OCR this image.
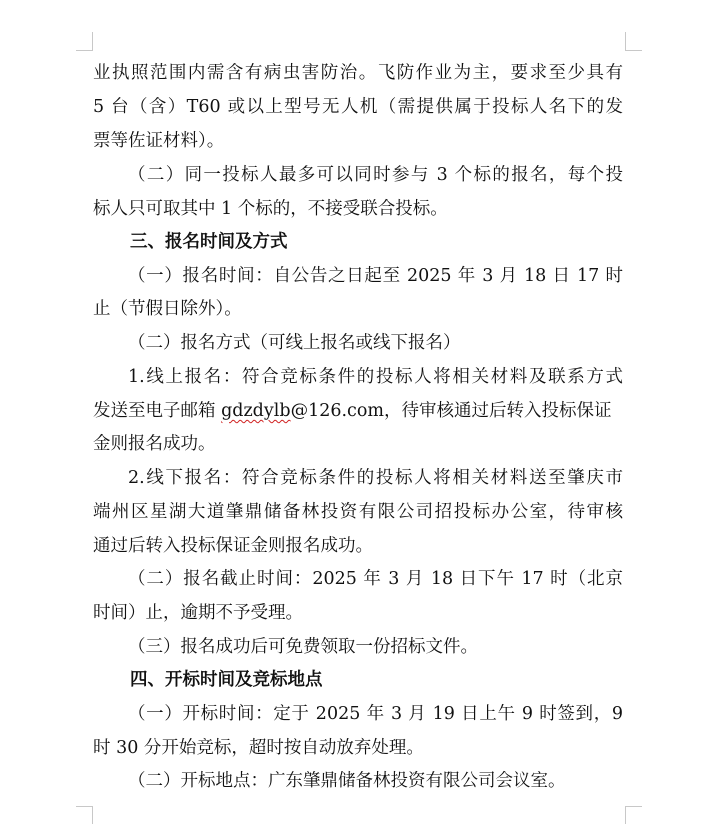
业执照范围内需含有病虫害防治。飞防作业为主，要求至少具有
5 台（含）T60 或以上型号无人机（需提供属于投标人名下的发
票等佐证材料）。
（二）同一投标人最多可以同时参与 3 个标的报名，每个投
标人只可取其中 1 个标的，不接受联合投标。
三、报名时间及方式
（一）报名时间：自公告之日起至 2025 年 3 月 18 日 17 时
止（节假日除外）。
（二）报名方式（可线上报名或线下报名）
1.线上报名：符合竞标条件的投标人将相关材料及联系方式
发送至电子邮箱 gdzdylb@126.com，待审核通过后转入投标保证
金则报名成功。
2.线下报名：符合竞标条件的投标人将相关材料送至肇庆市
端州区星湖大道肇鼎储备林投资有限公司招投标办公室，待审核
通过后转入投标保证金则报名成功。
（二）报名截止时间：2025 年 3 月 18 日下午 17 时（北京
时间）止，逾期不予受理。
（三）报名成功后可免费领取一份招标文件。
四、开标时间及竞标地点
（一）开标时间：定于 2025 年 3 月 19 日上午 9 时签到，9
时 30 分开始竞标，超时按自动放弃处理。
（二）开标地点：广东肇鼎储备林投资有限公司会议室。
